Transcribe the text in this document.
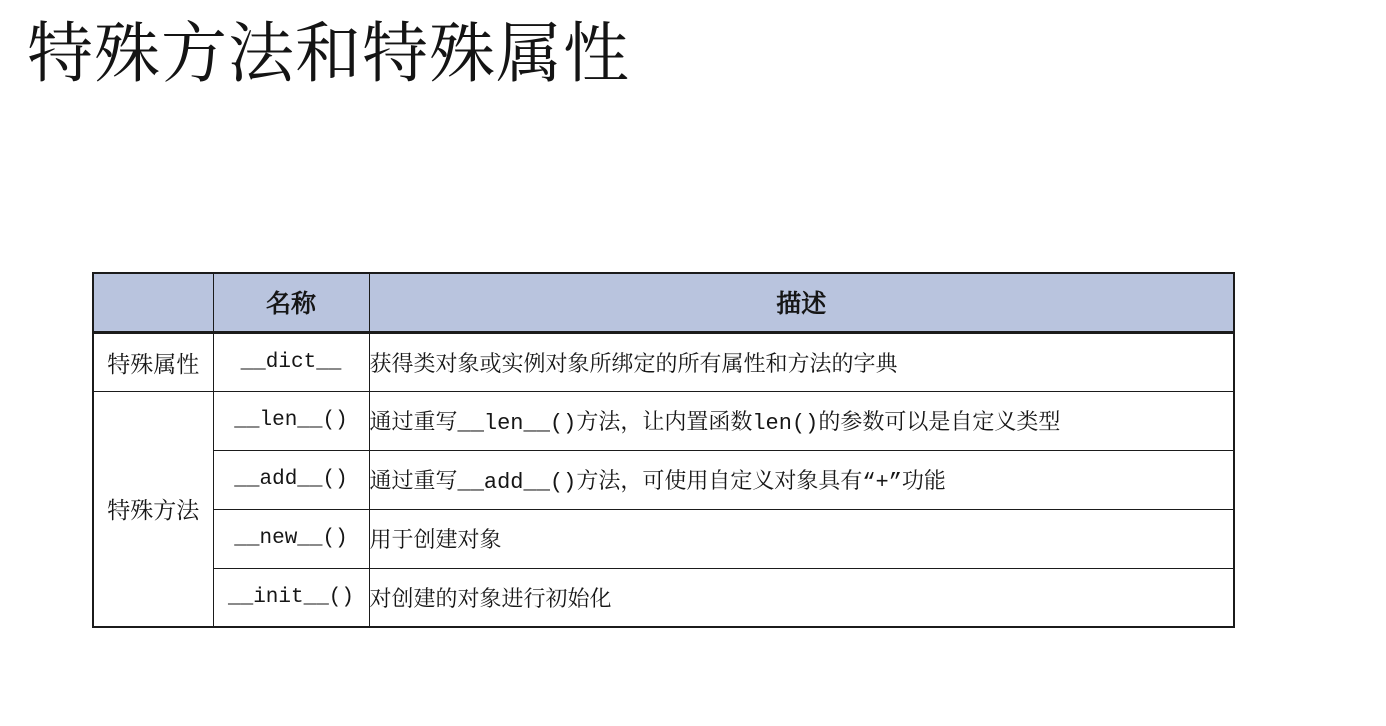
特殊方法和特殊属性
	名称	描述
特殊属性	__dict__	获得类对象或实例对象所绑定的所有属性和方法的字典
特殊方法	__len__()	通过重写__len__()方法，让内置函数len()的参数可以是自定义类型
	__add__()	通过重写__add__()方法，可使用自定义对象具有“+”功能
	__new__()	用于创建对象
	__init__()	对创建的对象进行初始化
